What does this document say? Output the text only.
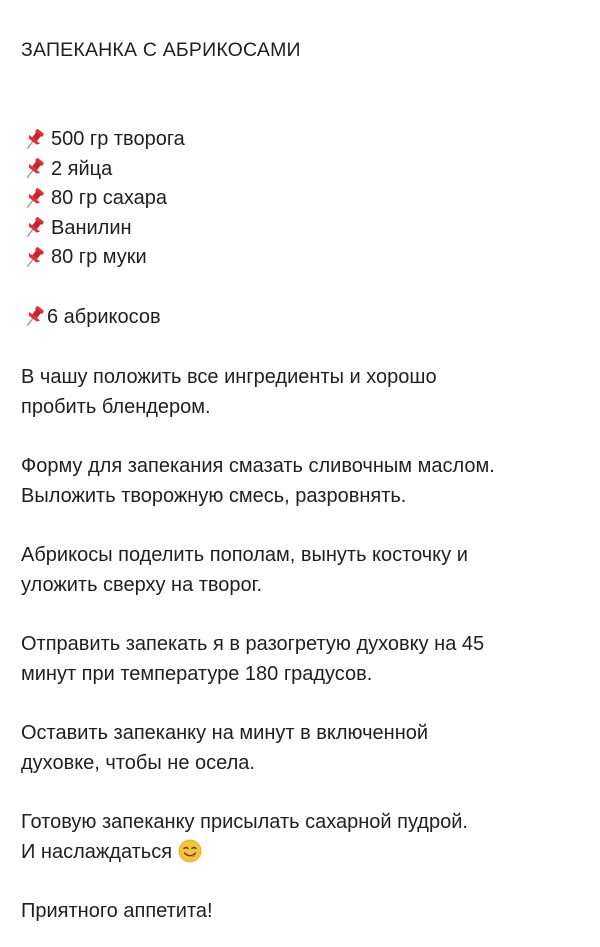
ЗАПЕКАНКА С АБРИКОСАМИ
500 гр творога
2 яйца
80 гр сахара
Ванилин
80 гр муки
6 абрикосов

В чашу положить все ингредиенты и хорошо
пробить блендером.

Форму для запекания смазать сливочным маслом.
Выложить творожную смесь, разровнять.

Абрикосы поделить пополам, вынуть косточку и
уложить сверху на творог.

Отправить запекать я в разогретую духовку на 45
минут при температуре 180 градусов.

Оставить запеканку на минут в включенной
духовке, чтобы не осела.

Готовую запеканку присылать сахарной пудрой.
И наслаждаться

Приятного аппетита!
